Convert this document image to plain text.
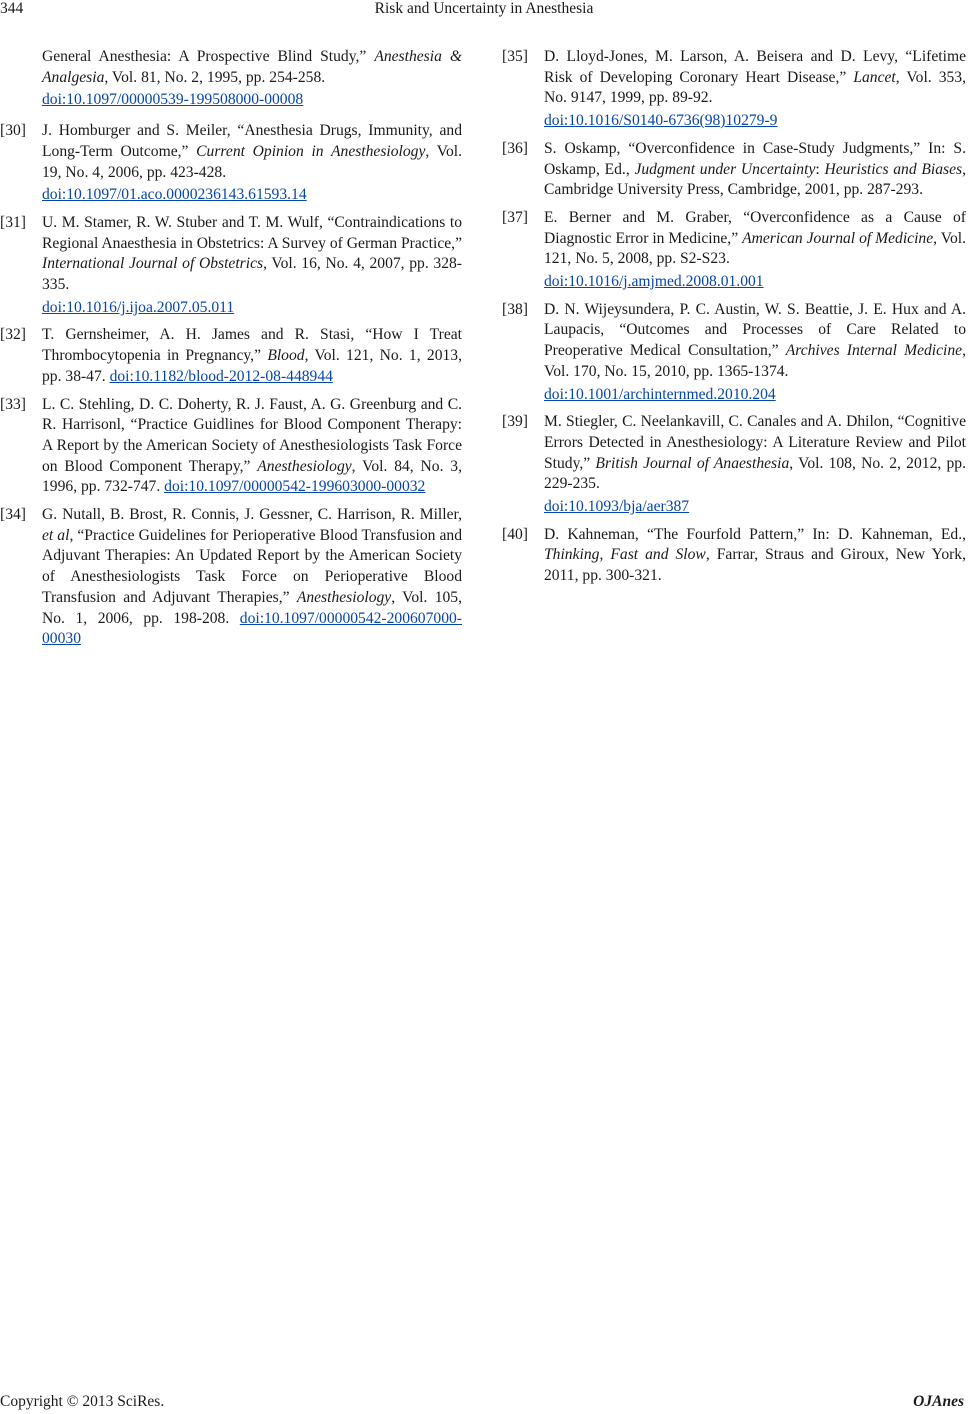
344	Risk and Uncertainty in Anesthesia
General Anesthesia: A Prospective Blind Study,” Anesthesia & Analgesia, Vol. 81, No. 2, 1995, pp. 254-258.
doi:10.1097/00000539-199508000-00008
[30] J. Homburger and S. Meiler, “Anesthesia Drugs, Immunity, and Long-Term Outcome,” Current Opinion in Anesthesiology, Vol. 19, No. 4, 2006, pp. 423-428.
doi:10.1097/01.aco.0000236143.61593.14
[31] U. M. Stamer, R. W. Stuber and T. M. Wulf, “Contraindications to Regional Anaesthesia in Obstetrics: A Survey of German Practice,” International Journal of Obstetrics, Vol. 16, No. 4, 2007, pp. 328-335.
doi:10.1016/j.ijoa.2007.05.011
[32] T. Gernsheimer, A. H. James and R. Stasi, “How I Treat Thrombocytopenia in Pregnancy,” Blood, Vol. 121, No. 1, 2013, pp. 38-47. doi:10.1182/blood-2012-08-448944
[33] L. C. Stehling, D. C. Doherty, R. J. Faust, A. G. Greenburg and C. R. Harrisonl, “Practice Guidlines for Blood Component Therapy: A Report by the American Society of Anesthesiologists Task Force on Blood Component Therapy,” Anesthesiology, Vol. 84, No. 3, 1996, pp. 732-747. doi:10.1097/00000542-199603000-00032
[34] G. Nutall, B. Brost, R. Connis, J. Gessner, C. Harrison, R. Miller, et al, “Practice Guidelines for Perioperative Blood Transfusion and Adjuvant Therapies: An Updated Report by the American Society of Anesthesiologists Task Force on Perioperative Blood Transfusion and Adjuvant Therapies,” Anesthesiology, Vol. 105, No. 1, 2006, pp. 198-208. doi:10.1097/00000542-200607000-00030
[35] D. Lloyd-Jones, M. Larson, A. Beisera and D. Levy, “Lifetime Risk of Developing Coronary Heart Disease,” Lancet, Vol. 353, No. 9147, 1999, pp. 89-92.
doi:10.1016/S0140-6736(98)10279-9
[36] S. Oskamp, “Overconfidence in Case-Study Judgments,” In: S. Oskamp, Ed., Judgment under Uncertainty: Heuristics and Biases, Cambridge University Press, Cambridge, 2001, pp. 287-293.
[37] E. Berner and M. Graber, “Overconfidence as a Cause of Diagnostic Error in Medicine,” American Journal of Medicine, Vol. 121, No. 5, 2008, pp. S2-S23.
doi:10.1016/j.amjmed.2008.01.001
[38] D. N. Wijeysundera, P. C. Austin, W. S. Beattie, J. E. Hux and A. Laupacis, “Outcomes and Processes of Care Related to Preoperative Medical Consultation,” Archives Internal Medicine, Vol. 170, No. 15, 2010, pp. 1365-1374.
doi:10.1001/archinternmed.2010.204
[39] M. Stiegler, C. Neelankavill, C. Canales and A. Dhilon, “Cognitive Errors Detected in Anesthesiology: A Literature Review and Pilot Study,” British Journal of Anaesthesia, Vol. 108, No. 2, 2012, pp. 229-235.
doi:10.1093/bja/aer387
[40] D. Kahneman, “The Fourfold Pattern,” In: D. Kahneman, Ed., Thinking, Fast and Slow, Farrar, Straus and Giroux, New York, 2011, pp. 300-321.
Copyright © 2013 SciRes.	OJAnes
